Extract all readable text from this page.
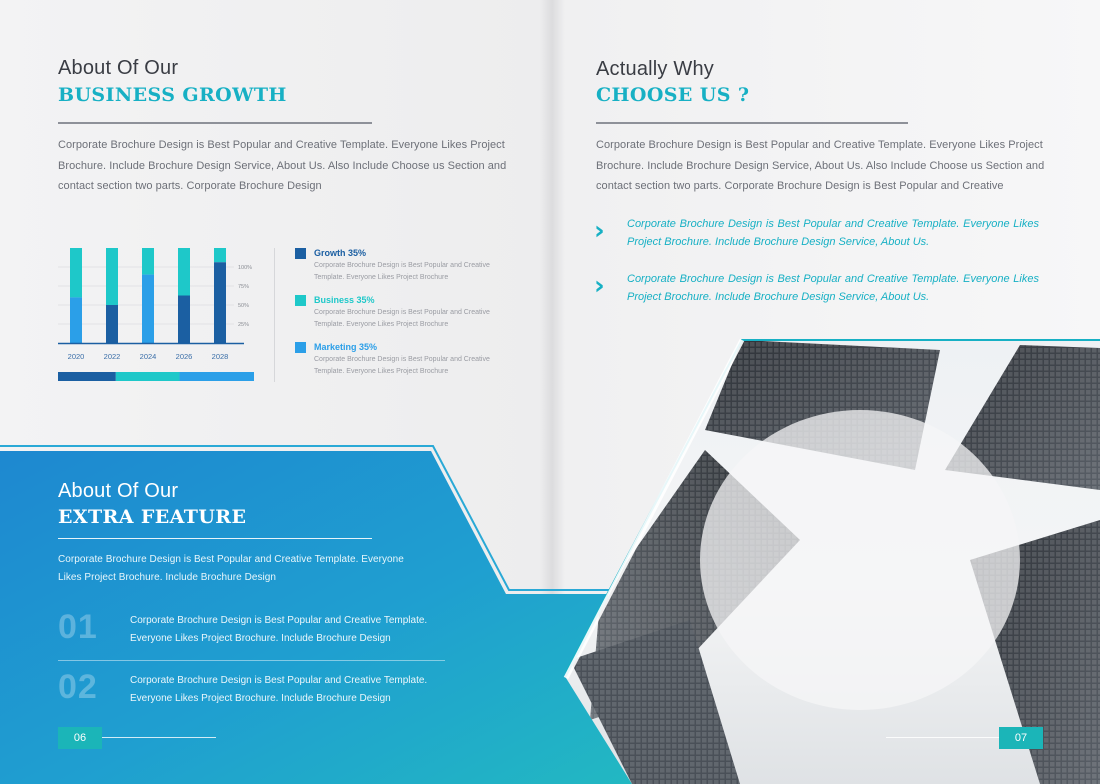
About Of Our
BUSINESS GROWTH
Corporate Brochure Design is Best Popular and Creative Template. Everyone Likes Project Brochure. Include Brochure Design Service, About Us. Also Include Choose us Section and contact section two parts. Corporate Brochure Design
100%
75%
50%
25%
2020	2022	2024	2026	2028
Growth 35%
Corporate Brochure Design is Best Popular and Creative Template. Everyone Likes Project Brochure
Business 35%
Corporate Brochure Design is Best Popular and Creative Template. Everyone Likes Project Brochure
Marketing 35%
Corporate Brochure Design is Best Popular and Creative Template. Everyone Likes Project Brochure
About Of Our
EXTRA FEATURE
Corporate Brochure Design is Best Popular and Creative Template. Everyone Likes Project Brochure. Include Brochure Design
01	Corporate Brochure Design is Best Popular and Creative Template. Everyone Likes Project Brochure. Include Brochure Design
02	Corporate Brochure Design is Best Popular and Creative Template. Everyone Likes Project Brochure. Include Brochure Design
06
Actually Why
CHOOSE US ?
Corporate Brochure Design is Best Popular and Creative Template. Everyone Likes Project Brochure. Include Brochure Design Service, About Us. Also Include Choose us Section and contact section two parts. Corporate Brochure Design is Best Popular and Creative
› Corporate Brochure Design is Best Popular and Creative Template. Everyone Likes Project Brochure. Include Brochure Design Service, About Us.
› Corporate Brochure Design is Best Popular and Creative Template. Everyone Likes Project Brochure. Include Brochure Design Service, About Us.
07
